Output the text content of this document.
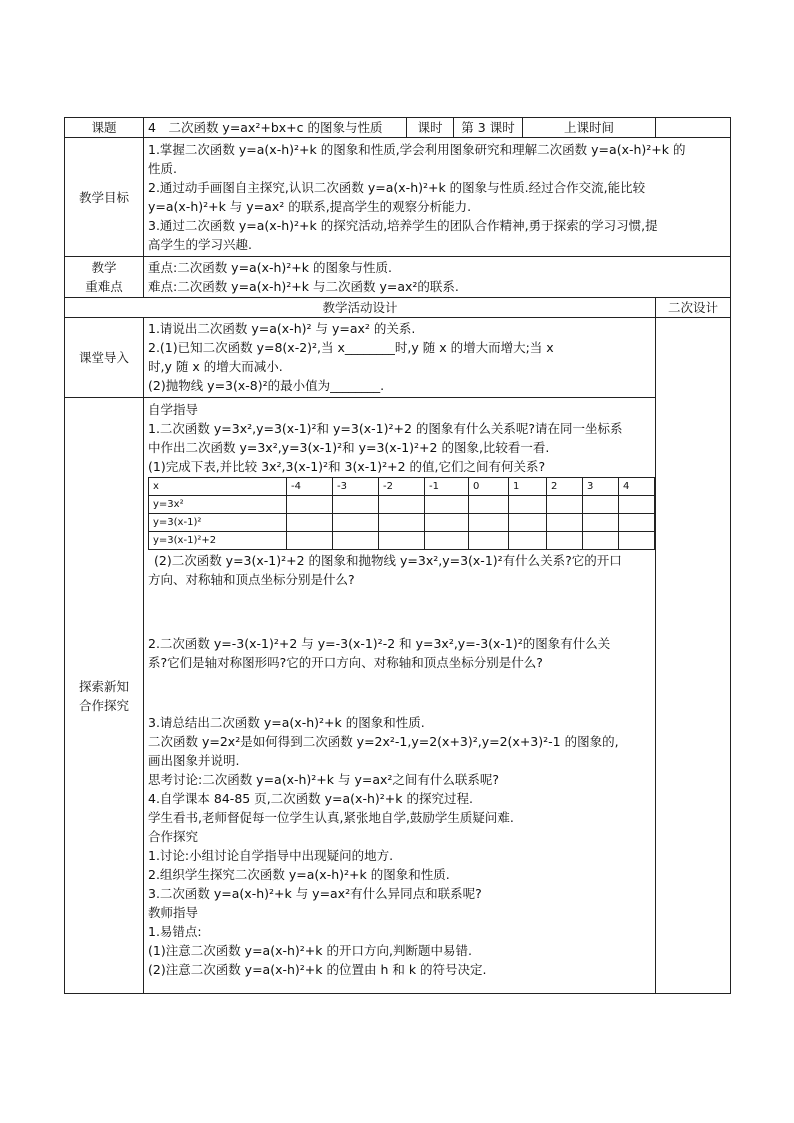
课题	4　二次函数 y=ax²+bx+c 的图象与性质	课时	第 3 课时	上课时间	
教学目标	
1.掌握二次函数 y=a(x-h)²+k 的图象和性质,学会利用图象研究和理解二次函数 y=a(x-h)²+k 的
性质.
2.通过动手画图自主探究,认识二次函数 y=a(x-h)²+k 的图象与性质.经过合作交流,能比较
y=a(x-h)²+k 与 y=ax² 的联系,提高学生的观察分析能力.
3.通过二次函数 y=a(x-h)²+k 的探究活动,培养学生的团队合作精神,勇于探索的学习习惯,提
高学生的学习兴趣.

教学
重难点

重点:二次函数 y=a(x-h)²+k 的图象与性质.
难点:二次函数 y=a(x-h)²+k 与二次函数 y=ax²的联系.

教学活动设计	二次设计
课堂导入	
1.请说出二次函数 y=a(x-h)² 与 y=ax² 的关系.
2.(1)已知二次函数 y=8(x-2)²,当 x________时,y 随 x 的增大而增大;当 x
时,y 随 x 的增大而减小.
(2)抛物线 y=3(x-8)²的最小值为________.

探索新知
合作探究

自学指导
1.二次函数 y=3x²,y=3(x-1)²和 y=3(x-1)²+2 的图象有什么关系呢?请在同一坐标系
中作出二次函数 y=3x²,y=3(x-1)²和 y=3(x-1)²+2 的图象,比较看一看.
(1)完成下表,并比较 3x²,3(x-1)²和 3(x-1)²+2 的值,它们之间有何关系?
x	-4	-3	-2	-1	0	1	2	3	4
y=3x²									
y=3(x-1)²									
y=3(x-1)²+2									
(2)二次函数 y=3(x-1)²+2 的图象和抛物线 y=3x²,y=3(x-1)²有什么关系?它的开口
方向、对称轴和顶点坐标分别是什么?
2.二次函数 y=-3(x-1)²+2 与 y=-3(x-1)²-2 和 y=3x²,y=-3(x-1)²的图象有什么关
系?它们是轴对称图形吗?它的开口方向、对称轴和顶点坐标分别是什么?
3.请总结出二次函数 y=a(x-h)²+k 的图象和性质.
二次函数 y=2x²是如何得到二次函数 y=2x²-1,y=2(x+3)²,y=2(x+3)²-1 的图象的,
画出图象并说明.
思考讨论:二次函数 y=a(x-h)²+k 与 y=ax²之间有什么联系呢?
4.自学课本 84-85 页,二次函数 y=a(x-h)²+k 的探究过程.
学生看书,老师督促每一位学生认真,紧张地自学,鼓励学生质疑问难.
合作探究
1.讨论:小组讨论自学指导中出现疑问的地方.
2.组织学生探究二次函数 y=a(x-h)²+k 的图象和性质.
3.二次函数 y=a(x-h)²+k 与 y=ax²有什么异同点和联系呢?
教师指导
1.易错点:
(1)注意二次函数 y=a(x-h)²+k 的开口方向,判断题中易错.
(2)注意二次函数 y=a(x-h)²+k 的位置由 h 和 k 的符号决定.
